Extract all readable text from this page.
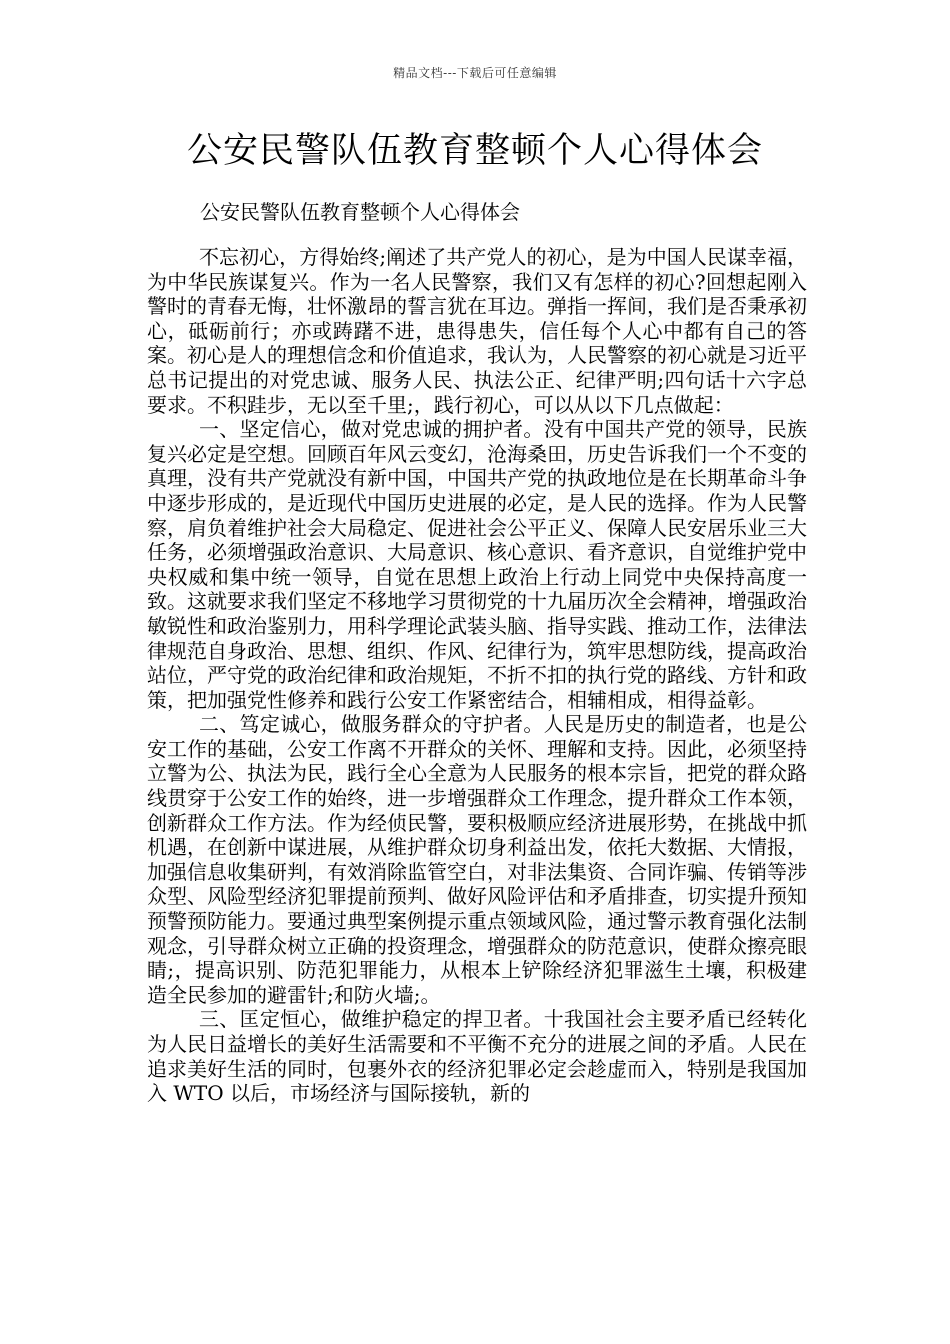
精品文档---下载后可任意编辑
公安民警队伍教育整顿个人心得体会
公安民警队伍教育整顿个人心得体会

不忘初心，方得始终;阐述了共产党人的初心，是为中国人民谋幸福，为中华民族谋复兴。作为一名人民警察，我们又有怎样的初心?回想起刚入警时的青春无悔，壮怀激昂的誓言犹在耳边。弹指一挥间，我们是否秉承初心，砥砺前行；亦或踌躇不进，患得患失，信任每个人心中都有自己的答案。初心是人的理想信念和价值追求，我认为，人民警察的初心就是习近平总书记提出的对党忠诚、服务人民、执法公正、纪律严明;四句话十六字总要求。不积跬步，无以至千里;，践行初心，可以从以下几点做起：

一、坚定信心，做对党忠诚的拥护者。没有中国共产党的领导，民族复兴必定是空想。回顾百年风云变幻，沧海桑田，历史告诉我们一个不变的真理，没有共产党就没有新中国，中国共产党的执政地位是在长期革命斗争中逐步形成的，是近现代中国历史进展的必定，是人民的选择。作为人民警察，肩负着维护社会大局稳定、促进社会公平正义、保障人民安居乐业三大任务，必须增强政治意识、大局意识、核心意识、看齐意识，自觉维护党中央权威和集中统一领导，自觉在思想上政治上行动上同党中央保持高度一致。这就要求我们坚定不移地学习贯彻党的十九届历次全会精神，增强政治敏锐性和政治鉴别力，用科学理论武装头脑、指导实践、推动工作，法律法律规范自身政治、思想、组织、作风、纪律行为，筑牢思想防线，提高政治站位，严守党的政治纪律和政治规矩，不折不扣的执行党的路线、方针和政策，把加强党性修养和践行公安工作紧密结合，相辅相成，相得益彰。

二、笃定诚心，做服务群众的守护者。人民是历史的制造者，也是公安工作的基础，公安工作离不开群众的关怀、理解和支持。因此，必须坚持立警为公、执法为民，践行全心全意为人民服务的根本宗旨，把党的群众路线贯穿于公安工作的始终，进一步增强群众工作理念，提升群众工作本领，创新群众工作方法。作为经侦民警，要积极顺应经济进展形势，在挑战中抓机遇，在创新中谋进展，从维护群众切身利益出发，依托大数据、大情报，加强信息收集研判，有效消除监管空白，对非法集资、合同诈骗、传销等涉众型、风险型经济犯罪提前预判、做好风险评估和矛盾排查，切实提升预知预警预防能力。要通过典型案例提示重点领域风险，通过警示教育强化法制观念，引导群众树立正确的投资理念，增强群众的防范意识，使群众擦亮眼睛;，提高识别、防范犯罪能力，从根本上铲除经济犯罪滋生土壤，积极建造全民参加的避雷针;和防火墙;。

三、匡定恒心，做维护稳定的捍卫者。十我国社会主要矛盾已经转化为人民日益增长的美好生活需要和不平衡不充分的进展之间的矛盾。人民在追求美好生活的同时，包裹外衣的经济犯罪必定会趁虚而入，特别是我国加入 WTO 以后，市场经济与国际接轨，新的
